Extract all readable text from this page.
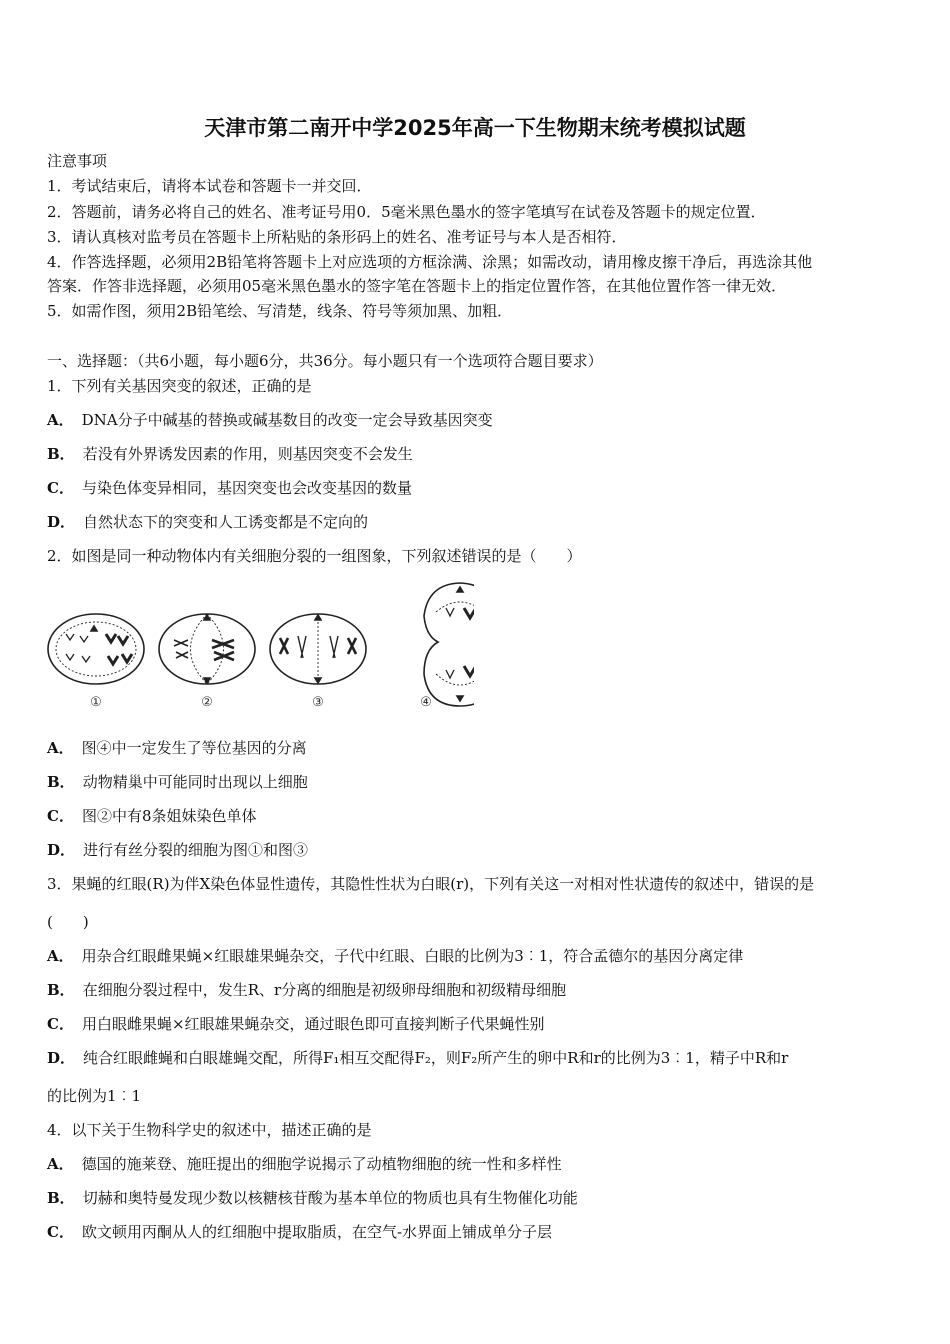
天津市第二南开中学2025年高一下生物期末统考模拟试题
注意事项
1．考试结束后，请将本试卷和答题卡一并交回．
2．答题前，请务必将自己的姓名、准考证号用0．5毫米黑色墨水的签字笔填写在试卷及答题卡的规定位置．
3．请认真核对监考员在答题卡上所粘贴的条形码上的姓名、准考证号与本人是否相符．
4．作答选择题，必须用2B铅笔将答题卡上对应选项的方框涂满、涂黑；如需改动，请用橡皮擦干净后，再选涂其他
答案．作答非选择题，必须用05毫米黑色墨水的签字笔在答题卡上的指定位置作答，在其他位置作答一律无效．
5．如需作图，须用2B铅笔绘、写清楚，线条、符号等须加黑、加粗．
一、选择题：（共6小题，每小题6分，共36分。每小题只有一个选项符合题目要求）
1．下列有关基因突变的叙述，正确的是
A． DNA分子中碱基的替换或碱基数目的改变一定会导致基因突变
B． 若没有外界诱发因素的作用，则基因突变不会发生
C． 与染色体变异相同，基因突变也会改变基因的数量
D． 自然状态下的突变和人工诱变都是不定向的
2．如图是同一种动物体内有关细胞分裂的一组图象，下列叙述错误的是（　　）
①	②	③	④
A． 图④中一定发生了等位基因的分离
B． 动物精巢中可能同时出现以上细胞
C． 图②中有8条姐妹染色单体
D． 进行有丝分裂的细胞为图①和图③
3．果蝇的红眼(R)为伴X染色体显性遗传，其隐性性状为白眼(r)，下列有关这一对相对性状遗传的叙述中，错误的是
(　　)
A． 用杂合红眼雌果蝇×红眼雄果蝇杂交，子代中红眼、白眼的比例为3︰1，符合孟德尔的基因分离定律
B． 在细胞分裂过程中，发生R、r分离的细胞是初级卵母细胞和初级精母细胞
C． 用白眼雌果蝇×红眼雄果蝇杂交，通过眼色即可直接判断子代果蝇性别
D． 纯合红眼雌蝇和白眼雄蝇交配，所得F₁相互交配得F₂，则F₂所产生的卵中R和r的比例为3︰1，精子中R和r
的比例为1︰1
4．以下关于生物科学史的叙述中，描述正确的是
A． 德国的施莱登、施旺提出的细胞学说揭示了动植物细胞的统一性和多样性
B． 切赫和奥特曼发现少数以核糖核苷酸为基本单位的物质也具有生物催化功能
C． 欧文顿用丙酮从人的红细胞中提取脂质，在空气-水界面上铺成单分子层
